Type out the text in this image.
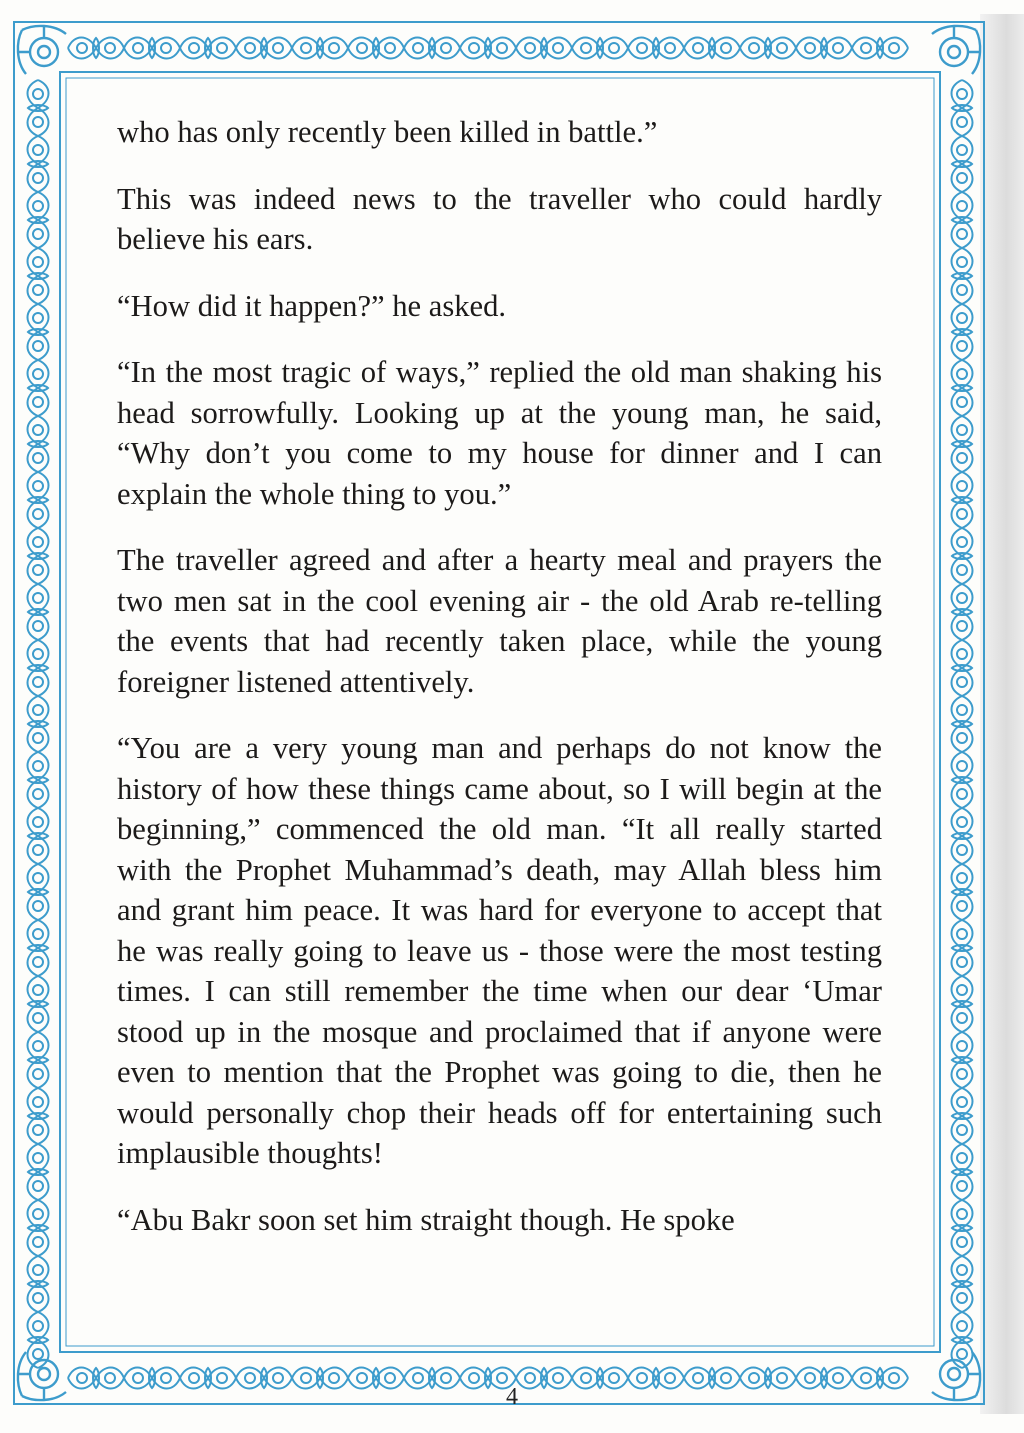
who has only recently been killed in battle.”

This was indeed news to the traveller who could hardly believe his ears.

“How did it happen?” he asked.

“In the most tragic of ways,” replied the old man shaking his head sorrowfully. Looking up at the young man, he said, “Why don’t you come to my house for dinner and I can explain the whole thing to you.”

The traveller agreed and after a hearty meal and prayers the two men sat in the cool evening air - the old Arab re-telling the events that had recently taken place, while the young foreigner listened attentively.

“You are a very young man and perhaps do not know the history of how these things came about, so I will begin at the beginning,” commenced the old man. “It all really started with the Prophet Muhammad’s death, may Allah bless him and grant him peace. It was hard for everyone to accept that he was really going to leave us - those were the most testing times. I can still remember the time when our dear ‘Umar stood up in the mosque and proclaimed that if anyone were even to mention that the Prophet was going to die, then he would personally chop their heads off for entertaining such implausible thoughts!

“Abu Bakr soon set him straight though. He spoke

4
